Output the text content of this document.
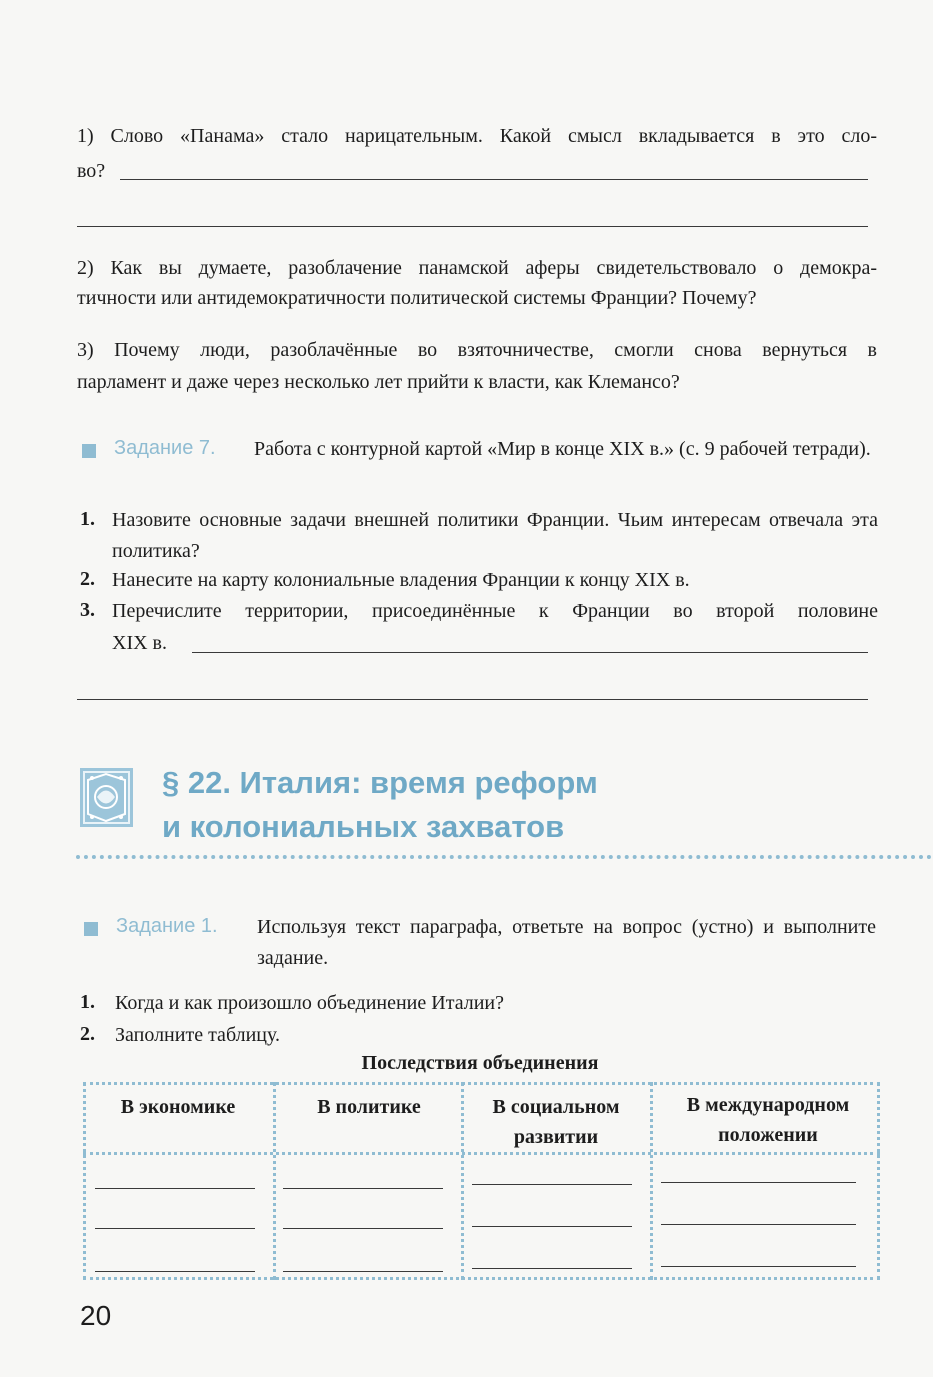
1) Слово «Панама» стало нарицательным. Какой смысл вкладывается в это сло-
во?
2) Как вы думаете, разоблачение панамской аферы свидетельствовало о демокра-
тичности или антидемократичности политической системы Франции? Почему?
3) Почему люди, разоблачённые во взяточничестве, смогли снова вернуться в
парламент и даже через несколько лет прийти к власти, как Клемансо?
Задание 7. Работа с контурной картой «Мир в конце XIX в.» (с. 9 рабочей тетради).
1. Назовите основные задачи внешней политики Франции. Чьим интересам отвечала эта политика?
2. Нанесите на карту колониальные владения Франции к концу XIX в.
3. Перечислите территории, присоединённые к Франции во второй половине
XIX в.
§ 22. Италия: время реформ
и колониальных захватов
Задание 1. Используя текст параграфа, ответьте на вопрос (устно) и выполните задание.
1. Когда и как произошло объединение Италии?
2. Заполните таблицу.
Последствия объединения
В экономике	В политике	В социальном развитии
В международном положении
20
